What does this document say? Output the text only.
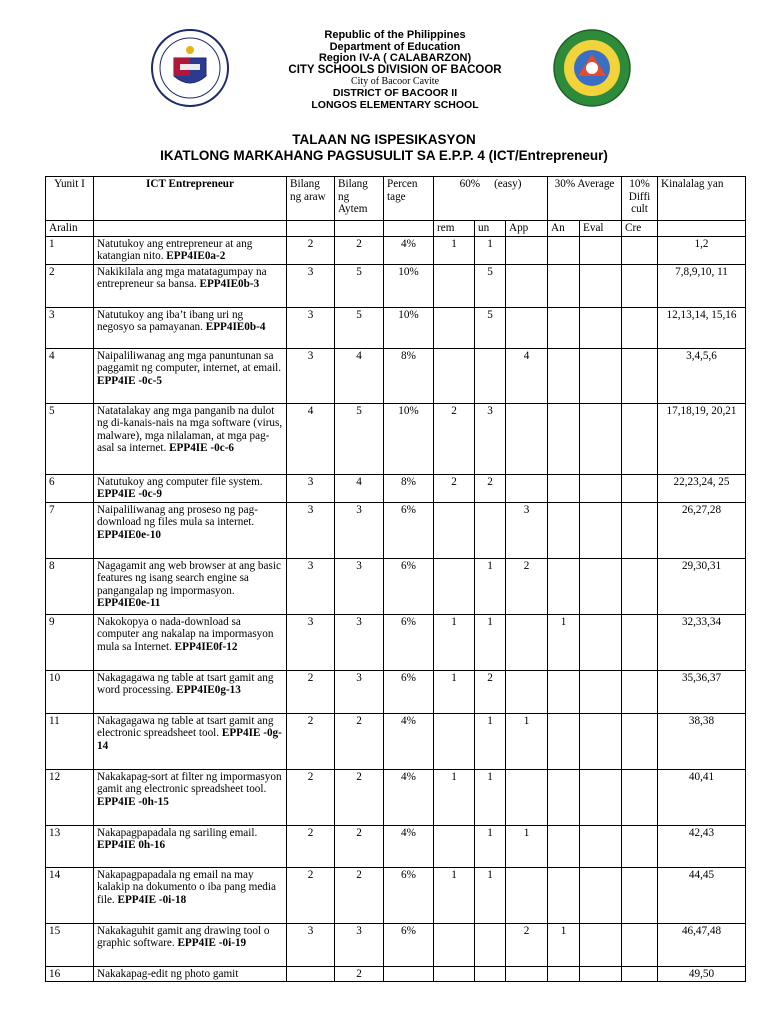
Republic of the Philippines
Department of Education
Region IV-A ( CALABARZON)
CITY SCHOOLS DIVISION OF BACOOR
City of Bacoor Cavite
DISTRICT OF BACOOR II
LONGOS ELEMENTARY SCHOOL
TALAAN NG ISPESIKASYON
IKATLONG MARKAHANG PAGSUSULIT SA E.P.P. 4 (ICT/Entrepreneur)
Yunit I	ICT Entrepreneur	Bilang ng araw	Bilang ng Aytem	Percen tage	60%     (easy)			30% Average		10% Diffi cult	Kinalalag yan
Aralin					rem	un	App	An	Eval	Cre	
1	Natutukoy ang entrepreneur at ang katangian nito. EPP4IE0a-2	2	2	4%	1	1					1,2
2	Nakikilala ang mga matatagumpay na entrepreneur sa bansa. EPP4IE0b-3	3	5	10%		5					7,8,9,10, 11
3	Natutukoy ang iba’t ibang uri ng negosyo sa pamayanan. EPP4IE0b-4	3	5	10%		5					12,13,14, 15,16
4	Naipaliliwanag ang mga panuntunan sa paggamit ng computer, internet, at email. EPP4IE -0c-5	3	4	8%			4				3,4,5,6
5	Natatalakay ang mga panganib na dulot ng di-kanais-nais na mga software (virus, malware), mga nilalaman, at mga pag-asal sa internet. EPP4IE -0c-6	4	5	10%	2	3					17,18,19, 20,21
6	Natutukoy ang computer file system. EPP4IE -0c-9	3	4	8%	2	2					22,23,24, 25
7	Naipaliliwanag ang proseso ng pag-download ng files mula sa internet. EPP4IE0e-10	3	3	6%			3				26,27,28
8	Nagagamit ang web browser at ang basic features ng isang search engine sa pangangalap ng impormasyon. EPP4IE0e-11	3	3	6%		1	2				29,30,31
9	Nakokopya o nada-download sa computer ang nakalap na impormasyon mula sa Internet. EPP4IE0f-12	3	3	6%	1	1		1			32,33,34
10	Nakagagawa ng table at tsart gamit ang word processing. EPP4IE0g-13	2	3	6%	1	2					35,36,37
11	Nakagagawa ng table at tsart gamit ang electronic spreadsheet tool. EPP4IE -0g-14	2	2	4%		1	1				38,38
12	Nakakapag-sort at filter ng impormasyon gamit ang electronic spreadsheet tool. EPP4IE -0h-15	2	2	4%	1	1					40,41
13	Nakapagpapadala ng sariling email. EPP4IE 0h-16	2	2	4%		1	1				42,43
14	Nakapagpapadala ng email na may kalakip na dokumento o iba pang media file. EPP4IE -0i-18	2	2	6%	1	1					44,45
15	Nakakaguhit gamit ang drawing tool o graphic software. EPP4IE -0i-19	3	3	6%			2	1			46,47,48
16	Nakakapag-edit ng photo gamit		2								49,50
